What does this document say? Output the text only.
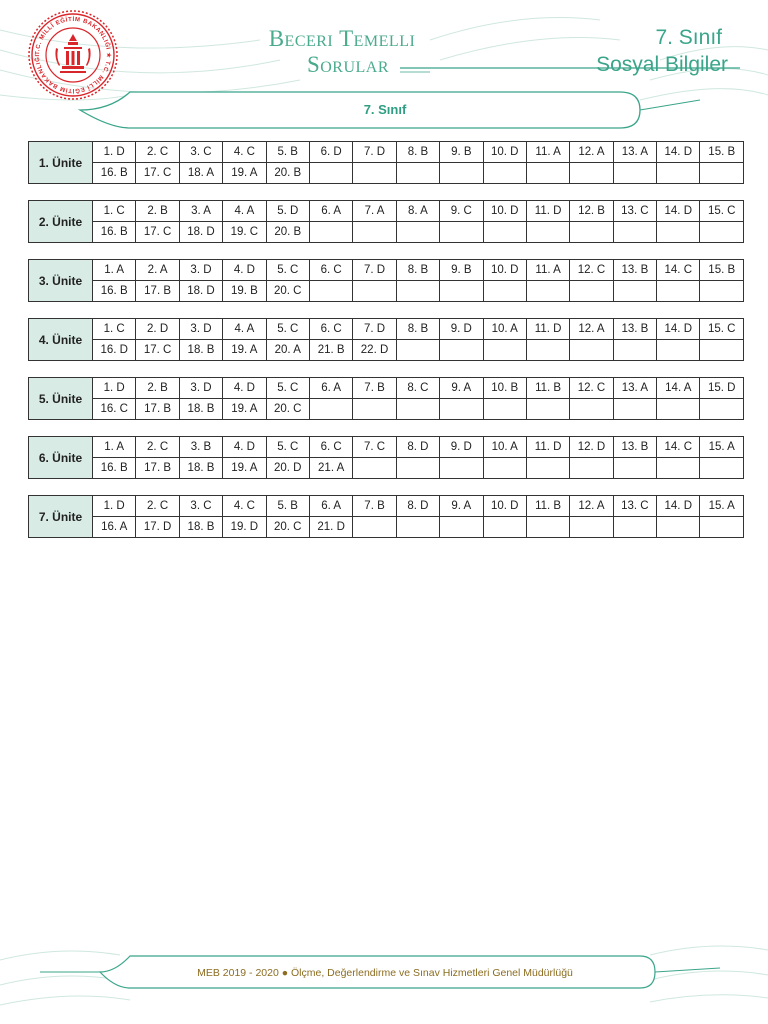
T.C. MİLLÎ EĞİTİM BAKANLIĞI ★ T.C. MİLLÎ EĞİTİM BAKANLIĞI
Beceri Temelli
Sorular
7. Sınıf
Sosyal Bilgiler
7. Sınıf
1. Ünite	1. D	2. C	3. C	4. C	5. B	6. D	7. D	8. B	9. B	10. D	11. A	12. A	13. A	14. D	15. B
	16. B	17. C	18. A	19. A	20. B										
2. Ünite	1. C	2. B	3. A	4. A	5. D	6. A	7. A	8. A	9. C	10. D	11. D	12. B	13. C	14. D	15. C
	16. B	17. C	18. D	19. C	20. B										
3. Ünite	1. A	2. A	3. D	4. D	5. C	6. C	7. D	8. B	9. B	10. D	11. A	12. C	13. B	14. C	15. B
	16. B	17. B	18. D	19. B	20. C										
4. Ünite	1. C	2. D	3. D	4. A	5. C	6. C	7. D	8. B	9. D	10. A	11. D	12. A	13. B	14. D	15. C
	16. D	17. C	18. B	19. A	20. A	21. B	22. D								
5. Ünite	1. D	2. B	3. D	4. D	5. C	6. A	7. B	8. C	9. A	10. B	11. B	12. C	13. A	14. A	15. D
	16. C	17. B	18. B	19. A	20. C										
6. Ünite	1. A	2. C	3. B	4. D	5. C	6. C	7. C	8. D	9. D	10. A	11. D	12. D	13. B	14. C	15. A
	16. B	17. B	18. B	19. A	20. D	21. A									
7. Ünite	1. D	2. C	3. C	4. C	5. B	6. A	7. B	8. D	9. A	10. D	11. B	12. A	13. C	14. D	15. A
	16. A	17. D	18. B	19. D	20. C	21. D									
MEB 2019 - 2020 ● Ölçme, Değerlendirme ve Sınav Hizmetleri Genel Müdürlüğü
